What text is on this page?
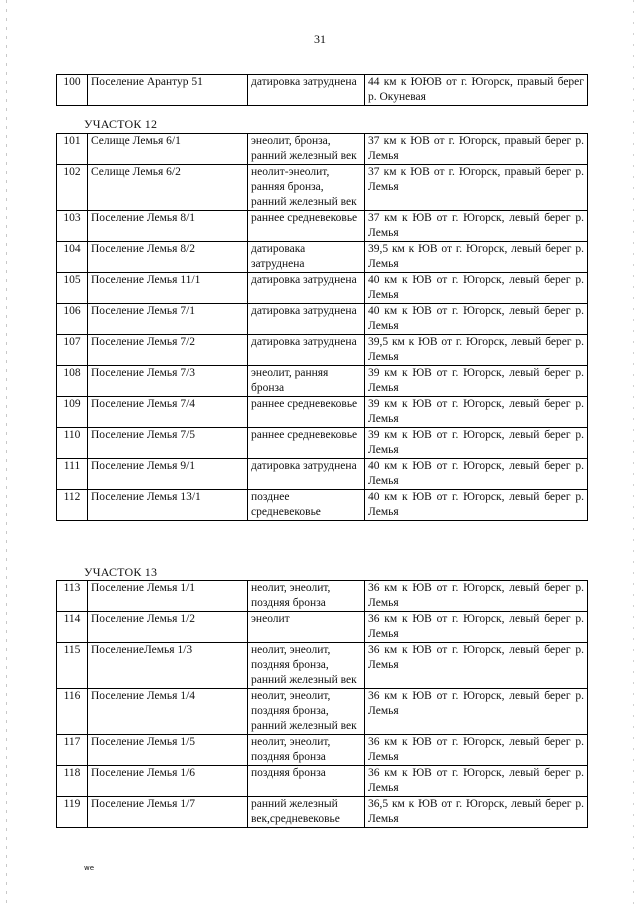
31
100	Поселение Арантур 51	датировка затруднена	44 км к ЮЮВ от г. Югорск, правый берег р. Окуневая
УЧАСТОК 12
101	Селище Лемья 6/1	энеолит, бронза, ранний железный век	37 км к ЮВ от г. Югорск, правый берег р. Лемья
102	Селище Лемья 6/2	неолит-энеолит, ранняя бронза, ранний железный век	37 км к ЮВ от г. Югорск, правый берег р. Лемья
103	Поселение Лемья 8/1	раннее средневековье	37 км к ЮВ от г. Югорск, левый берег р. Лемья
104	Поселение Лемья 8/2	датировака затруднена	39,5 км к ЮВ от г. Югорск, левый берег р. Лемья
105	Поселение Лемья 11/1	датировка затруднена	40 км к ЮВ от г. Югорск, левый берег р. Лемья
106	Поселение Лемья 7/1	датировка затруднена	40 км к ЮВ от г. Югорск, левый берег р. Лемья
107	Поселение Лемья 7/2	датировка затруднена	39,5 км к ЮВ от г. Югорск, левый берег р. Лемья
108	Поселение Лемья 7/3	энеолит, ранняя бронза	39 км к ЮВ от г. Югорск, левый берег р. Лемья
109	Поселение Лемья 7/4	раннее средневековье	39 км к ЮВ от г. Югорск, левый берег р. Лемья
110	Поселение Лемья 7/5	раннее средневековье	39 км к ЮВ от г. Югорск, левый берег р. Лемья
111	Поселение Лемья 9/1	датировка затруднена	40 км к ЮВ от г. Югорск, левый берег р. Лемья
112	Поселение Лемья 13/1	позднее средневековье	40 км к ЮВ от г. Югорск, левый берег р. Лемья
УЧАСТОК 13
113	Поселение Лемья 1/1	неолит, энеолит, поздняя бронза	36 км к ЮВ от г. Югорск, левый берег р. Лемья
114	Поселение Лемья 1/2	энеолит	36 км к ЮВ от г. Югорск, левый берег р. Лемья
115	ПоселениеЛемья 1/3	неолит, энеолит, поздняя бронза, ранний железный век	36 км к ЮВ от г. Югорск, левый берег р. Лемья
116	Поселение Лемья 1/4	неолит, энеолит, поздняя бронза, ранний железный век	36 км к ЮВ от г. Югорск, левый берег р. Лемья
117	Поселение Лемья 1/5	неолит, энеолит, поздняя бронза	36 км к ЮВ от г. Югорск, левый берег р. Лемья
118	Поселение Лемья 1/6	поздняя бронза	36 км к ЮВ от г. Югорск, левый берег р. Лемья
119	Поселение Лемья 1/7	ранний железный век,средневековье	36,5 км к ЮВ от г. Югорск, левый берег р. Лемья
we
